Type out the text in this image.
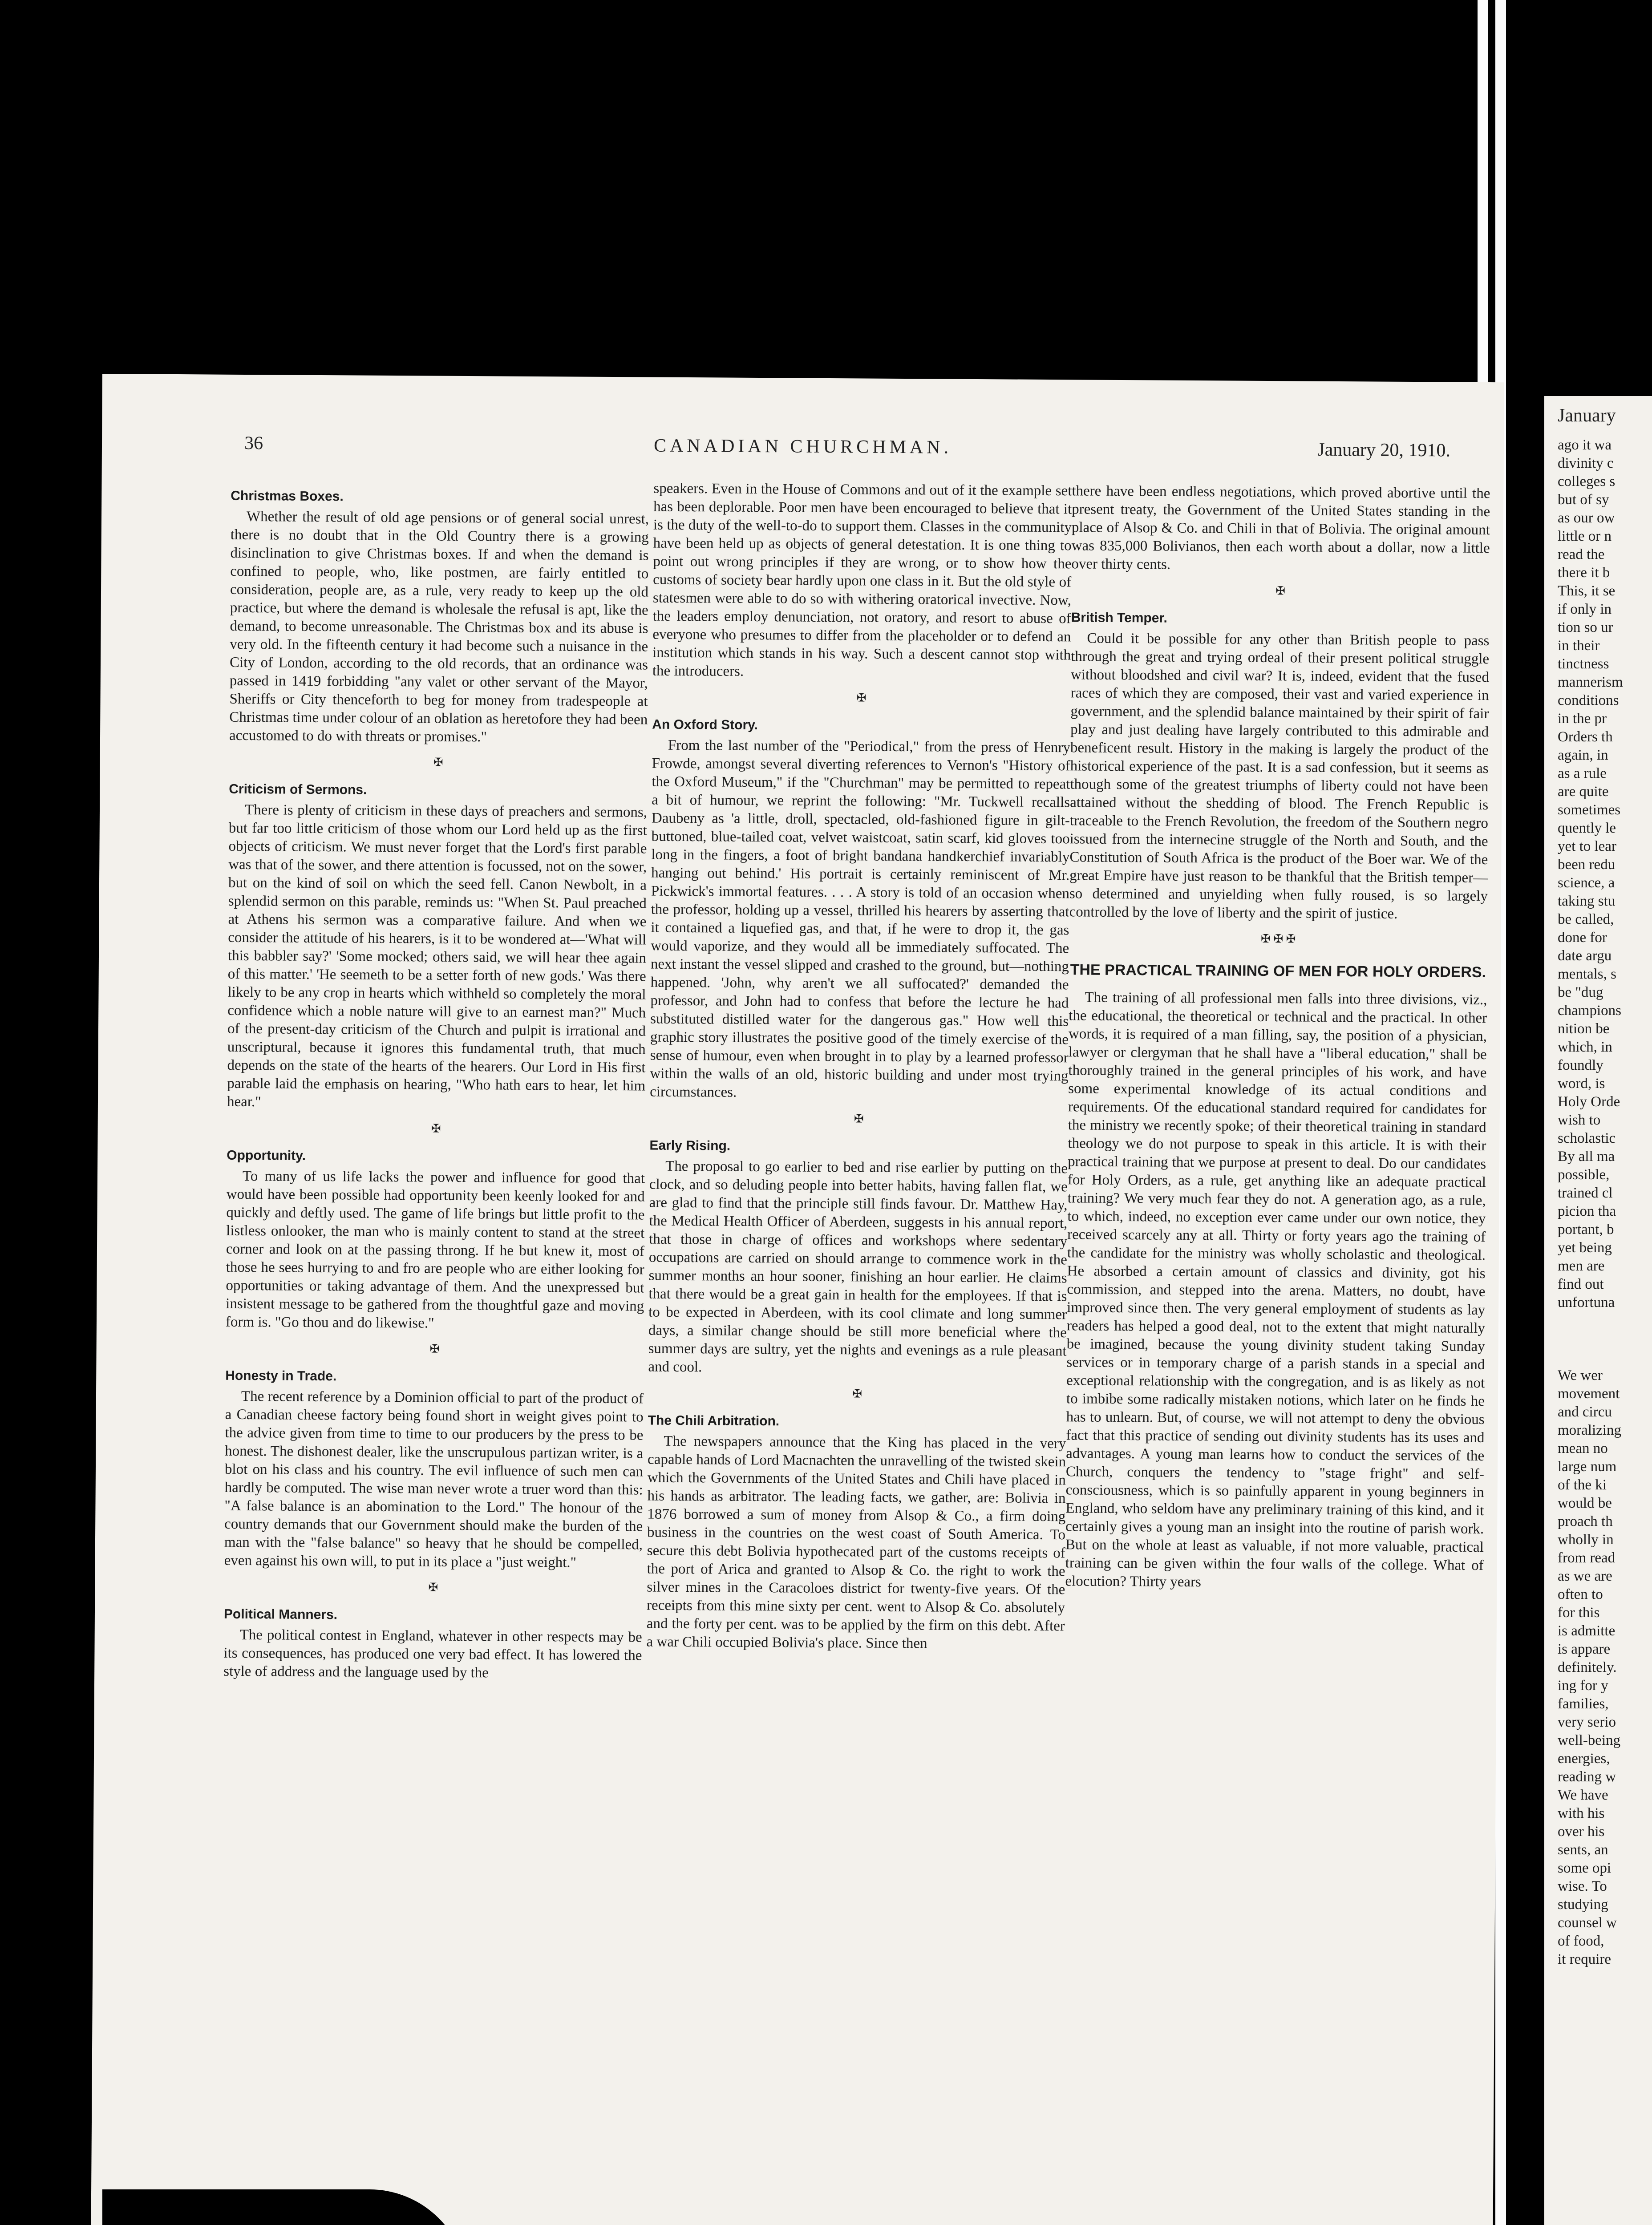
36	CANADIAN CHURCHMAN.	January 20, 1910.
Christmas Boxes.

Whether the result of old age pensions or of general social unrest, there is no doubt that in the Old Country there is a growing disinclination to give Christmas boxes. If and when the demand is confined to people, who, like postmen, are fairly entitled to consideration, people are, as a rule, very ready to keep up the old practice, but where the demand is wholesale the refusal is apt, like the demand, to become unreasonable. The Christmas box and its abuse is very old. In the fifteenth century it had become such a nuisance in the City of London, according to the old records, that an ordinance was passed in 1419 forbidding "any valet or other servant of the Mayor, Sheriffs or City thenceforth to beg for money from tradespeople at Christmas time under colour of an oblation as heretofore they had been accustomed to do with threats or promises."

✠
Criticism of Sermons.

There is plenty of criticism in these days of preachers and sermons, but far too little criticism of those whom our Lord held up as the first objects of criticism. We must never forget that the Lord's first parable was that of the sower, and there attention is focussed, not on the sower, but on the kind of soil on which the seed fell. Canon Newbolt, in a splendid sermon on this parable, reminds us: "When St. Paul preached at Athens his sermon was a comparative failure. And when we consider the attitude of his hearers, is it to be wondered at—'What will this babbler say?' 'Some mocked; others said, we will hear thee again of this matter.' 'He seemeth to be a setter forth of new gods.' Was there likely to be any crop in hearts which withheld so completely the moral confidence which a noble nature will give to an earnest man?" Much of the present-day criticism of the Church and pulpit is irrational and unscriptural, because it ignores this fundamental truth, that much depends on the state of the hearts of the hearers. Our Lord in His first parable laid the emphasis on hearing, "Who hath ears to hear, let him hear."

✠
Opportunity.

To many of us life lacks the power and influence for good that would have been possible had opportunity been keenly looked for and quickly and deftly used. The game of life brings but little profit to the listless onlooker, the man who is mainly content to stand at the street corner and look on at the passing throng. If he but knew it, most of those he sees hurrying to and fro are people who are either looking for opportunities or taking advantage of them. And the unexpressed but insistent message to be gathered from the thoughtful gaze and moving form is. "Go thou and do likewise."

✠
Honesty in Trade.

The recent reference by a Dominion official to part of the product of a Canadian cheese factory being found short in weight gives point to the advice given from time to time to our producers by the press to be honest. The dishonest dealer, like the unscrupulous partizan writer, is a blot on his class and his country. The evil influence of such men can hardly be computed. The wise man never wrote a truer word than this: "A false balance is an abomination to the Lord." The honour of the country demands that our Government should make the burden of the man with the "false balance" so heavy that he should be compelled, even against his own will, to put in its place a "just weight."

✠
Political Manners.

The political contest in England, whatever in other respects may be its consequences, has produced one very bad effect. It has lowered the style of address and the language used by the

speakers. Even in the House of Commons and out of it the example set has been deplorable. Poor men have been encouraged to believe that it is the duty of the well-to-do to support them. Classes in the community have been held up as objects of general detestation. It is one thing to point out wrong principles if they are wrong, or to show how the customs of society bear hardly upon one class in it. But the old style of statesmen were able to do so with withering oratorical invective. Now, the leaders employ denunciation, not oratory, and resort to abuse of everyone who presumes to differ from the placeholder or to defend an institution which stands in his way. Such a descent cannot stop with the introducers.

✠
An Oxford Story.

From the last number of the "Periodical," from the press of Henry Frowde, amongst several diverting references to Vernon's "History of the Oxford Museum," if the "Churchman" may be permitted to repeat a bit of humour, we reprint the following: "Mr. Tuckwell recalls Daubeny as 'a little, droll, spectacled, old-fashioned figure in gilt-buttoned, blue-tailed coat, velvet waistcoat, satin scarf, kid gloves too long in the fingers, a foot of bright bandana handkerchief invariably hanging out behind.' His portrait is certainly reminiscent of Mr. Pickwick's immortal features. . . . A story is told of an occasion when the professor, holding up a vessel, thrilled his hearers by asserting that it contained a liquefied gas, and that, if he were to drop it, the gas would vaporize, and they would all be immediately suffocated. The next instant the vessel slipped and crashed to the ground, but—nothing happened. 'John, why aren't we all suffocated?' demanded the professor, and John had to confess that before the lecture he had substituted distilled water for the dangerous gas." How well this graphic story illustrates the positive good of the timely exercise of the sense of humour, even when brought in to play by a learned professor within the walls of an old, historic building and under most trying circumstances.

✠
Early Rising.

The proposal to go earlier to bed and rise earlier by putting on the clock, and so deluding people into better habits, having fallen flat, we are glad to find that the principle still finds favour. Dr. Matthew Hay, the Medical Health Officer of Aberdeen, suggests in his annual report, that those in charge of offices and workshops where sedentary occupations are carried on should arrange to commence work in the summer months an hour sooner, finishing an hour earlier. He claims that there would be a great gain in health for the employees. If that is to be expected in Aberdeen, with its cool climate and long summer days, a similar change should be still more beneficial where the summer days are sultry, yet the nights and evenings as a rule pleasant and cool.

✠
The Chili Arbitration.

The newspapers announce that the King has placed in the very capable hands of Lord Macnachten the unravelling of the twisted skein which the Governments of the United States and Chili have placed in his hands as arbitrator. The leading facts, we gather, are: Bolivia in 1876 borrowed a sum of money from Alsop & Co., a firm doing business in the countries on the west coast of South America. To secure this debt Bolivia hypothecated part of the customs receipts of the port of Arica and granted to Alsop & Co. the right to work the silver mines in the Caracoloes district for twenty-five years. Of the receipts from this mine sixty per cent. went to Alsop & Co. absolutely and the forty per cent. was to be applied by the firm on this debt. After a war Chili occupied Bolivia's place. Since then

there have been endless negotiations, which proved abortive until the present treaty, the Government of the United States standing in the place of Alsop & Co. and Chili in that of Bolivia. The original amount was 835,000 Bolivianos, then each worth about a dollar, now a little over thirty cents.

✠
British Temper.

Could it be possible for any other than British people to pass through the great and trying ordeal of their present political struggle without bloodshed and civil war? It is, indeed, evident that the fused races of which they are composed, their vast and varied experience in government, and the splendid balance maintained by their spirit of fair play and just dealing have largely contributed to this admirable and beneficent result. History in the making is largely the product of the historical experience of the past. It is a sad confession, but it seems as though some of the greatest triumphs of liberty could not have been attained without the shedding of blood. The French Republic is traceable to the French Revolution, the freedom of the Southern negro issued from the internecine struggle of the North and South, and the Constitution of South Africa is the product of the Boer war. We of the great Empire have just reason to be thankful that the British temper—so determined and unyielding when fully roused, is so largely controlled by the love of liberty and the spirit of justice.

✠ ✠ ✠
THE PRACTICAL TRAINING OF MEN FOR HOLY ORDERS.

The training of all professional men falls into three divisions, viz., the educational, the theoretical or technical and the practical. In other words, it is required of a man filling, say, the position of a physician, lawyer or clergyman that he shall have a "liberal education," shall be thoroughly trained in the general principles of his work, and have some experimental knowledge of its actual conditions and requirements. Of the educational standard required for candidates for the ministry we recently spoke; of their theoretical training in standard theology we do not purpose to speak in this article. It is with their practical training that we purpose at present to deal. Do our candidates for Holy Orders, as a rule, get anything like an adequate practical training? We very much fear they do not. A generation ago, as a rule, to which, indeed, no exception ever came under our own notice, they received scarcely any at all. Thirty or forty years ago the training of the candidate for the ministry was wholly scholastic and theological. He absorbed a certain amount of classics and divinity, got his commission, and stepped into the arena. Matters, no doubt, have improved since then. The very general employment of students as lay readers has helped a good deal, not to the extent that might naturally be imagined, because the young divinity student taking Sunday services or in temporary charge of a parish stands in a special and exceptional relationship with the congregation, and is as likely as not to imbibe some radically mistaken notions, which later on he finds he has to unlearn. But, of course, we will not attempt to deny the obvious fact that this practice of sending out divinity students has its uses and advantages. A young man learns how to conduct the services of the Church, conquers the tendency to "stage fright" and self-consciousness, which is so painfully apparent in young beginners in England, who seldom have any preliminary training of this kind, and it certainly gives a young man an insight into the routine of parish work. But on the whole at least as valuable, if not more valuable, practical training can be given within the four walls of the college. What of elocution? Thirty years

January
ago it wa
divinity c
colleges s
but of sy
as our ow
little or n
read the
there it b
This, it se
if only in
tion so ur
in their
tinctness
mannerism
conditions
in the pr
Orders th
again, in
as a rule
are quite
sometimes
quently le
yet to lear
been redu
science, a
taking stu
be called,
done for
date argu
mentals, s
be "dug
champions
nition be
which, in
foundly
word, is
Holy Orde
wish to
scholastic
By all ma
possible,
trained cl
picion tha
portant, b
yet being
men are
find out
unfortuna

We wer
movement
and circu
moralizing
mean no
large num
of the ki
would be
proach th
wholly in
from read
as we are
often to
for this
is admitte
is appare
definitely.
ing for y
families,
very serio
well-being
energies,
reading w
We have
with his
over his
sents, an
some opi
wise. To
studying
counsel w
of food,
it require
